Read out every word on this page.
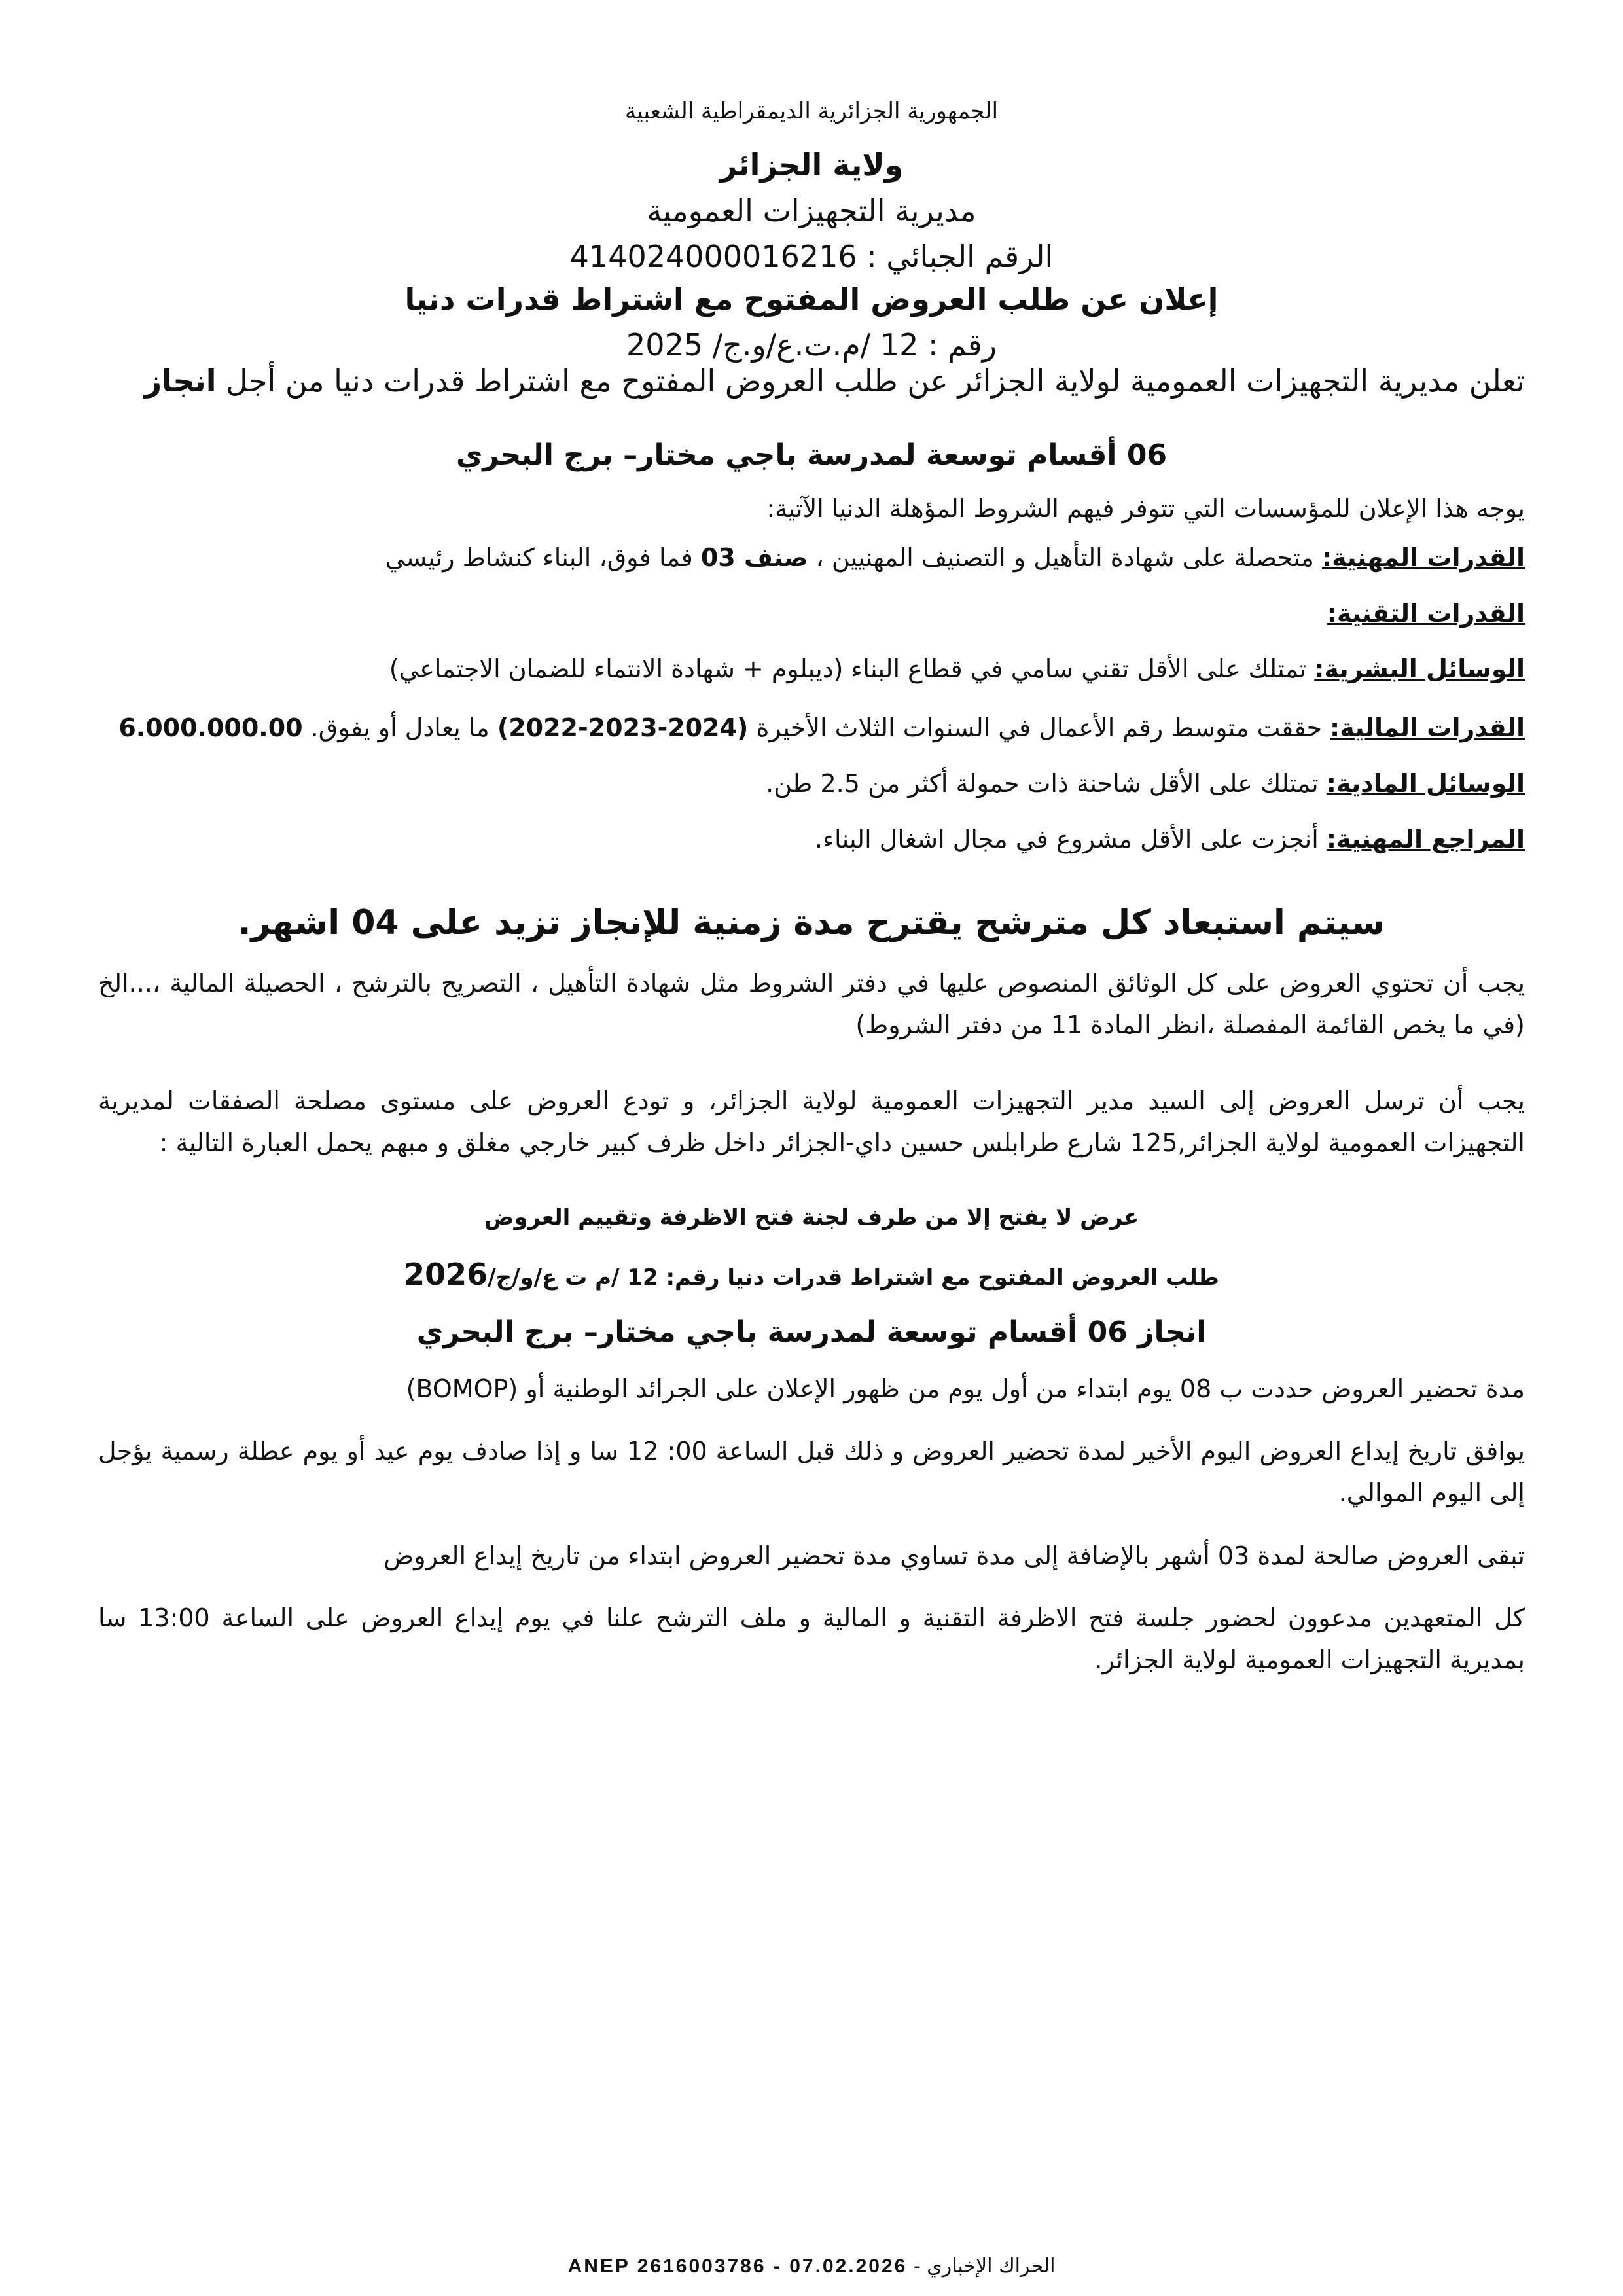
الجمهورية الجزائرية الديمقراطية الشعبية
ولاية الجزائر
مديرية التجهيزات العمومية
الرقم الجبائي : 414024000016216
إعلان عن طلب العروض المفتوح مع اشتراط قدرات دنيا
رقم : 12 /م.ت.ع/و.ج/ 2025
تعلن مديرية التجهيزات العمومية لولاية الجزائر عن طلب العروض المفتوح مع اشتراط قدرات دنيا من أجل انجاز
06 أقسام توسعة لمدرسة باجي مختار– برج البحري
يوجه هذا الإعلان للمؤسسات التي تتوفر فيهم الشروط المؤهلة الدنيا الآتية:
القدرات المهنية: متحصلة على شهادة التأهيل و التصنيف المهنيين ، صنف 03 فما فوق، البناء كنشاط رئيسي
القدرات التقنية:
الوسائل البشرية: تمتلك على الأقل تقني سامي في قطاع البناء (ديبلوم + شهادة الانتماء للضمان الاجتماعي)
القدرات المالية: حققت متوسط رقم الأعمال في السنوات الثلاث الأخيرة (2022-2023-2024) ما يعادل أو يفوق. 6.000.000.00
الوسائل المادية: تمتلك على الأقل شاحنة ذات حمولة أكثر من 2.5 طن.
المراجع المهنية: أنجزت على الأقل مشروع في مجال اشغال البناء.
سيتم استبعاد كل مترشح يقترح مدة زمنية للإنجاز تزيد على 04 اشهر.
يجب أن تحتوي العروض على كل الوثائق المنصوص عليها في دفتر الشروط مثل شهادة التأهيل ، التصريح بالترشح ، الحصيلة المالية ،...الخ (في ما يخص القائمة المفصلة ،انظر المادة 11 من دفتر الشروط)
يجب أن ترسل العروض إلى السيد مدير التجهيزات العمومية لولاية الجزائر، و تودع العروض على مستوى مصلحة الصفقات لمديرية التجهيزات العمومية لولاية الجزائر,125 شارع طرابلس حسين داي-الجزائر داخل ظرف كبير خارجي مغلق و مبهم يحمل العبارة التالية :
عرض لا يفتح إلا من طرف لجنة فتح الاظرفة وتقييم العروض
طلب العروض المفتوح مع اشتراط قدرات دنيا رقم: 12 /م ت ع/و/ج/2026
انجاز 06 أقسام توسعة لمدرسة باجي مختار– برج البحري
مدة تحضير العروض حددت ب 08 يوم ابتداء من أول يوم من ظهور الإعلان على الجرائد الوطنية أو (BOMOP)
يوافق تاريخ إيداع العروض اليوم الأخير لمدة تحضير العروض و ذلك قبل الساعة 00: 12 سا و إذا صادف يوم عيد أو يوم عطلة رسمية يؤجل إلى اليوم الموالي.
تبقى العروض صالحة لمدة 03 أشهر بالإضافة إلى مدة تساوي مدة تحضير العروض ابتداء من تاريخ إيداع العروض
كل المتعهدين مدعوون لحضور جلسة فتح الاظرفة التقنية و المالية و ملف الترشح علنا في يوم إيداع العروض على الساعة 13:00 سا بمديرية التجهيزات العمومية لولاية الجزائر.
الحراك الإخباري - ANEP 2616003786 - 07.02.2026
